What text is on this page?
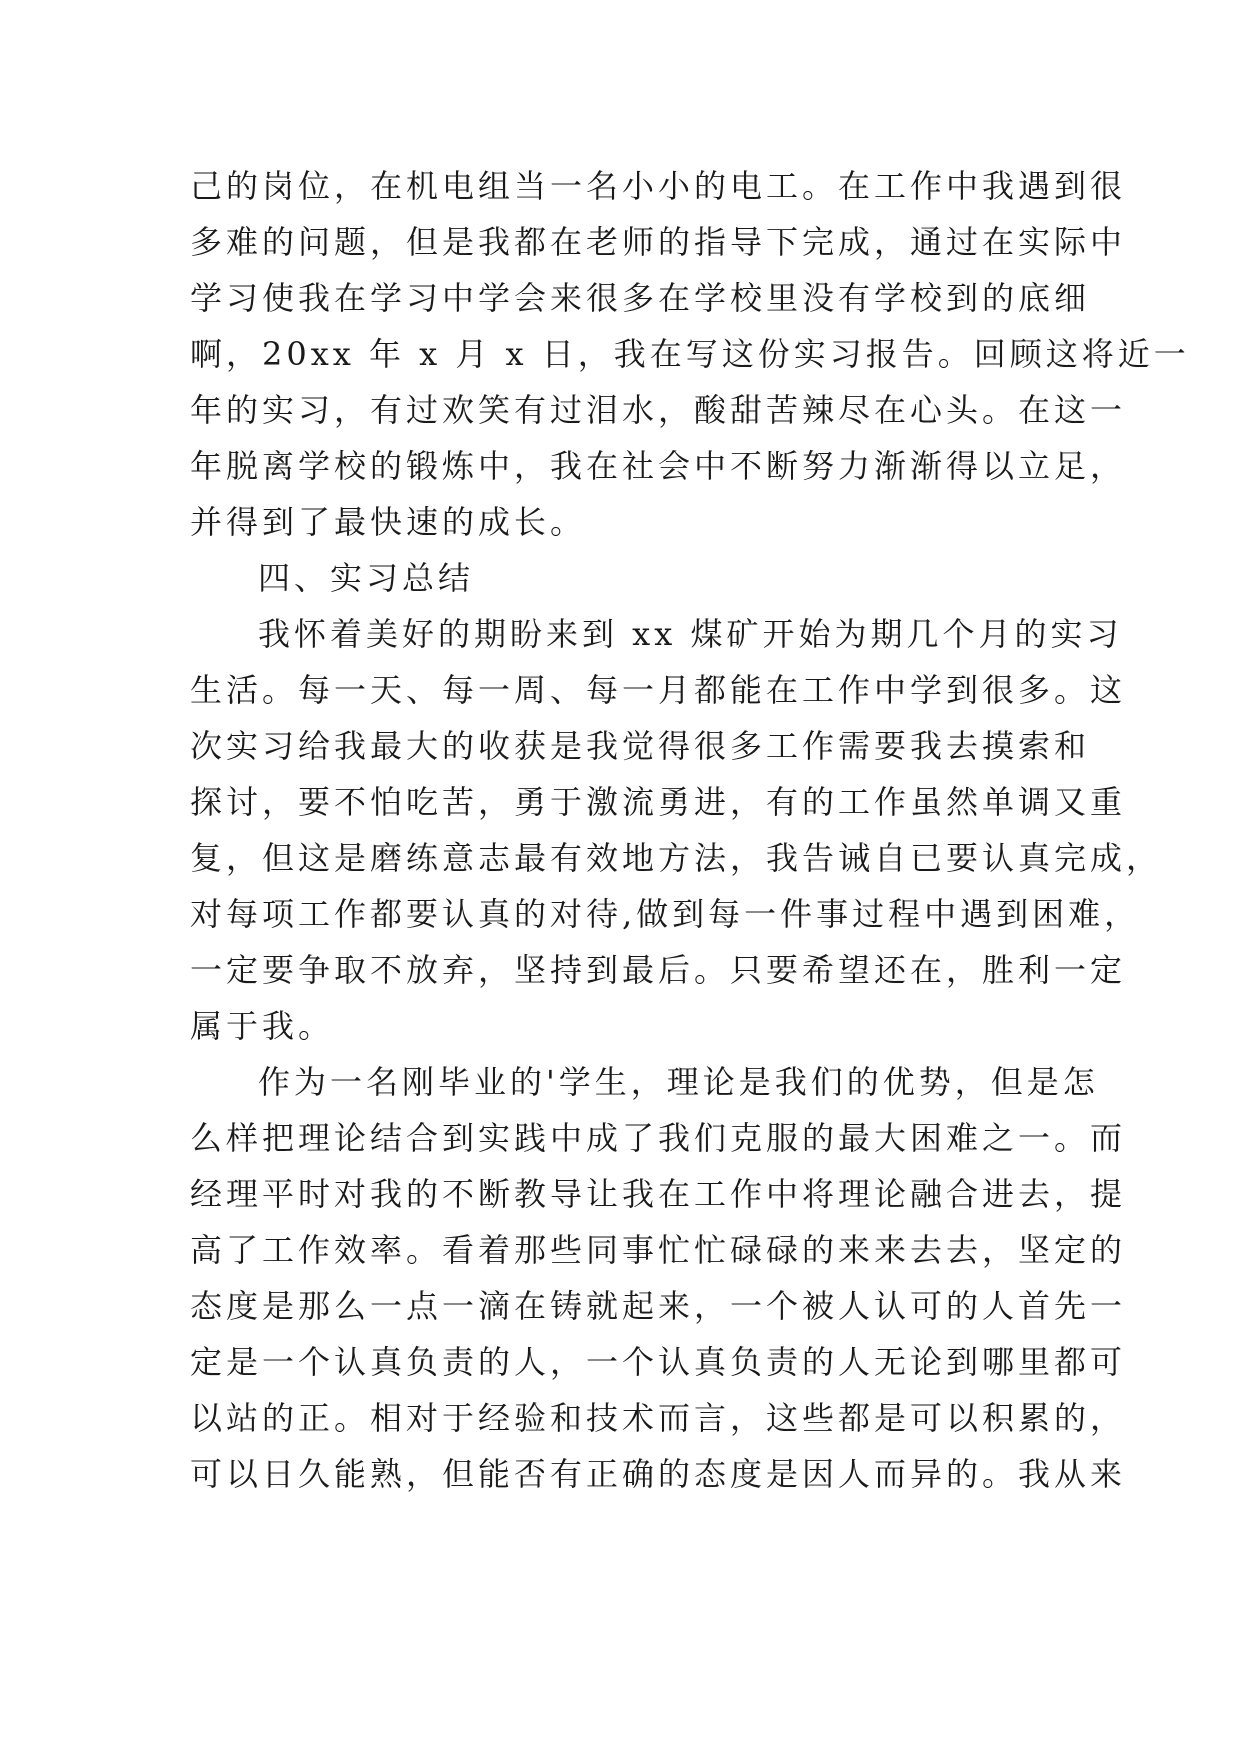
己的岗位，在机电组当一名小小的电工。在工作中我遇到很
多难的问题，但是我都在老师的指导下完成，通过在实际中
学习使我在学习中学会来很多在学校里没有学校到的底细
啊，20xx 年 x 月 x 日，我在写这份实习报告。回顾这将近一
年的实习，有过欢笑有过泪水，酸甜苦辣尽在心头。在这一
年脱离学校的锻炼中，我在社会中不断努力渐渐得以立足，
并得到了最快速的成长。
四、实习总结
我怀着美好的期盼来到 xx 煤矿开始为期几个月的实习
生活。每一天、每一周、每一月都能在工作中学到很多。这
次实习给我最大的收获是我觉得很多工作需要我去摸索和
探讨，要不怕吃苦，勇于激流勇进，有的工作虽然单调又重
复，但这是磨练意志最有效地方法，我告诫自已要认真完成，
对每项工作都要认真的对待,做到每一件事过程中遇到困难，
一定要争取不放弃，坚持到最后。只要希望还在，胜利一定
属于我。
作为一名刚毕业的'学生，理论是我们的优势，但是怎
么样把理论结合到实践中成了我们克服的最大困难之一。而
经理平时对我的不断教导让我在工作中将理论融合进去，提
高了工作效率。看着那些同事忙忙碌碌的来来去去，坚定的
态度是那么一点一滴在铸就起来，一个被人认可的人首先一
定是一个认真负责的人，一个认真负责的人无论到哪里都可
以站的正。相对于经验和技术而言，这些都是可以积累的，
可以日久能熟，但能否有正确的态度是因人而异的。我从来
